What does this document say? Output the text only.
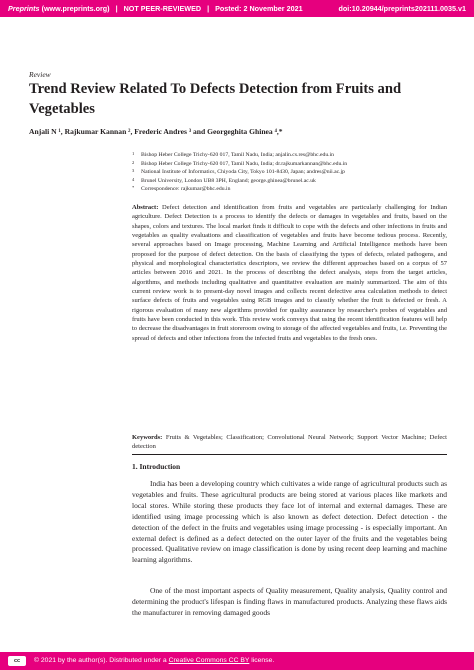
Preprints (www.preprints.org) | NOT PEER-REVIEWED | Posted: 2 November 2021	doi:10.20944/preprints202111.0035.v1
Review
Trend Review Related To Defects Detection from Fruits and Vegetables
Anjali N ¹, Rajkumar Kannan ², Frederic Andres ³ and Georgeghita Ghinea ⁴,*
1 Bishop Heber College Trichy-620 017, Tamil Nadu, India; anjalin.cs.res@bhc.edu.in
2 Bishop Heber College Trichy-620 017, Tamil Nadu, India; dr.rajkumarkannan@bhc.edu.in
3 National Institute of Informatics, Chiyoda City, Tokyo 101-8430, Japan; andres@nii.ac.jp
4 Brunel University, London UB8 3PH, England; george.ghinea@brunel.ac.uk
* Correspondence: rajkumar@bhc.edu.in

Abstract: Defect detection and identification from fruits and vegetables are particularly challenging for Indian agriculture. Defect Detection is a process to identify the defects or damages in vegetables and fruits, based on the shapes, colors and textures. The local market finds it difficult to cope with the defects and other infections in fruits and vegetables as quality evaluations and classification of vegetables and fruits have become tedious process. Recently, several approaches based on Image processing, Machine Learning and Artificial Intelligence methods have been proposed for the purpose of defect detection. On the basis of classifying the types of defects, related pathogens, and physical and morphological characteristics descriptors, we review the different approaches based on a corpus of 57 articles between 2016 and 2021. In the process of describing the defect analysis, steps from the target articles, algorithms, and methods including qualitative and quantitative evaluation are mainly summarized. The aim of this current review work is to present-day novel images and collects recent defective area calculation methods to detect surface defects of fruits and vegetables using RGB images and to classify whether the fruit is defected or fresh. A rigorous evaluation of many new algorithms provided for quality assurance by researcher's probes of vegetables and fruits have been conducted in this work. This review work conveys that using the recent identification features will help to decrease the disadvantages in fruit storeroom owing to storage of the affected vegetables and fruits, i.e. Preventing the spread of defects and other infections from the infected fruits and vegetables to the fresh ones.

Keywords: Fruits & Vegetables; Classification; Convolutional Neural Network; Support Vector Machine; Defect detection

1. Introduction

India has been a developing country which cultivates a wide range of agricultural products such as vegetables and fruits. These agricultural products are being stored at various places like markets and local stores. While storing these products they face lot of internal and external damages. These are identified using image processing which is also known as defect detection. Defect detection - the detection of the defect in the fruits and vegetables using image processing - is especially important. An external defect is defined as a defect detected on the outer layer of the fruits and the vegetables being processed. Qualitative review on image classification is done by using recent deep learning and machine learning algorithms.

One of the most important aspects of Quality measurement, Quality analysis, Quality control and determining the product's lifespan is finding flaws in manufactured products. Analyzing these flaws aids the manufacturer in removing damaged goods

cc	© 2021 by the author(s). Distributed under a Creative Commons CC BY license.
